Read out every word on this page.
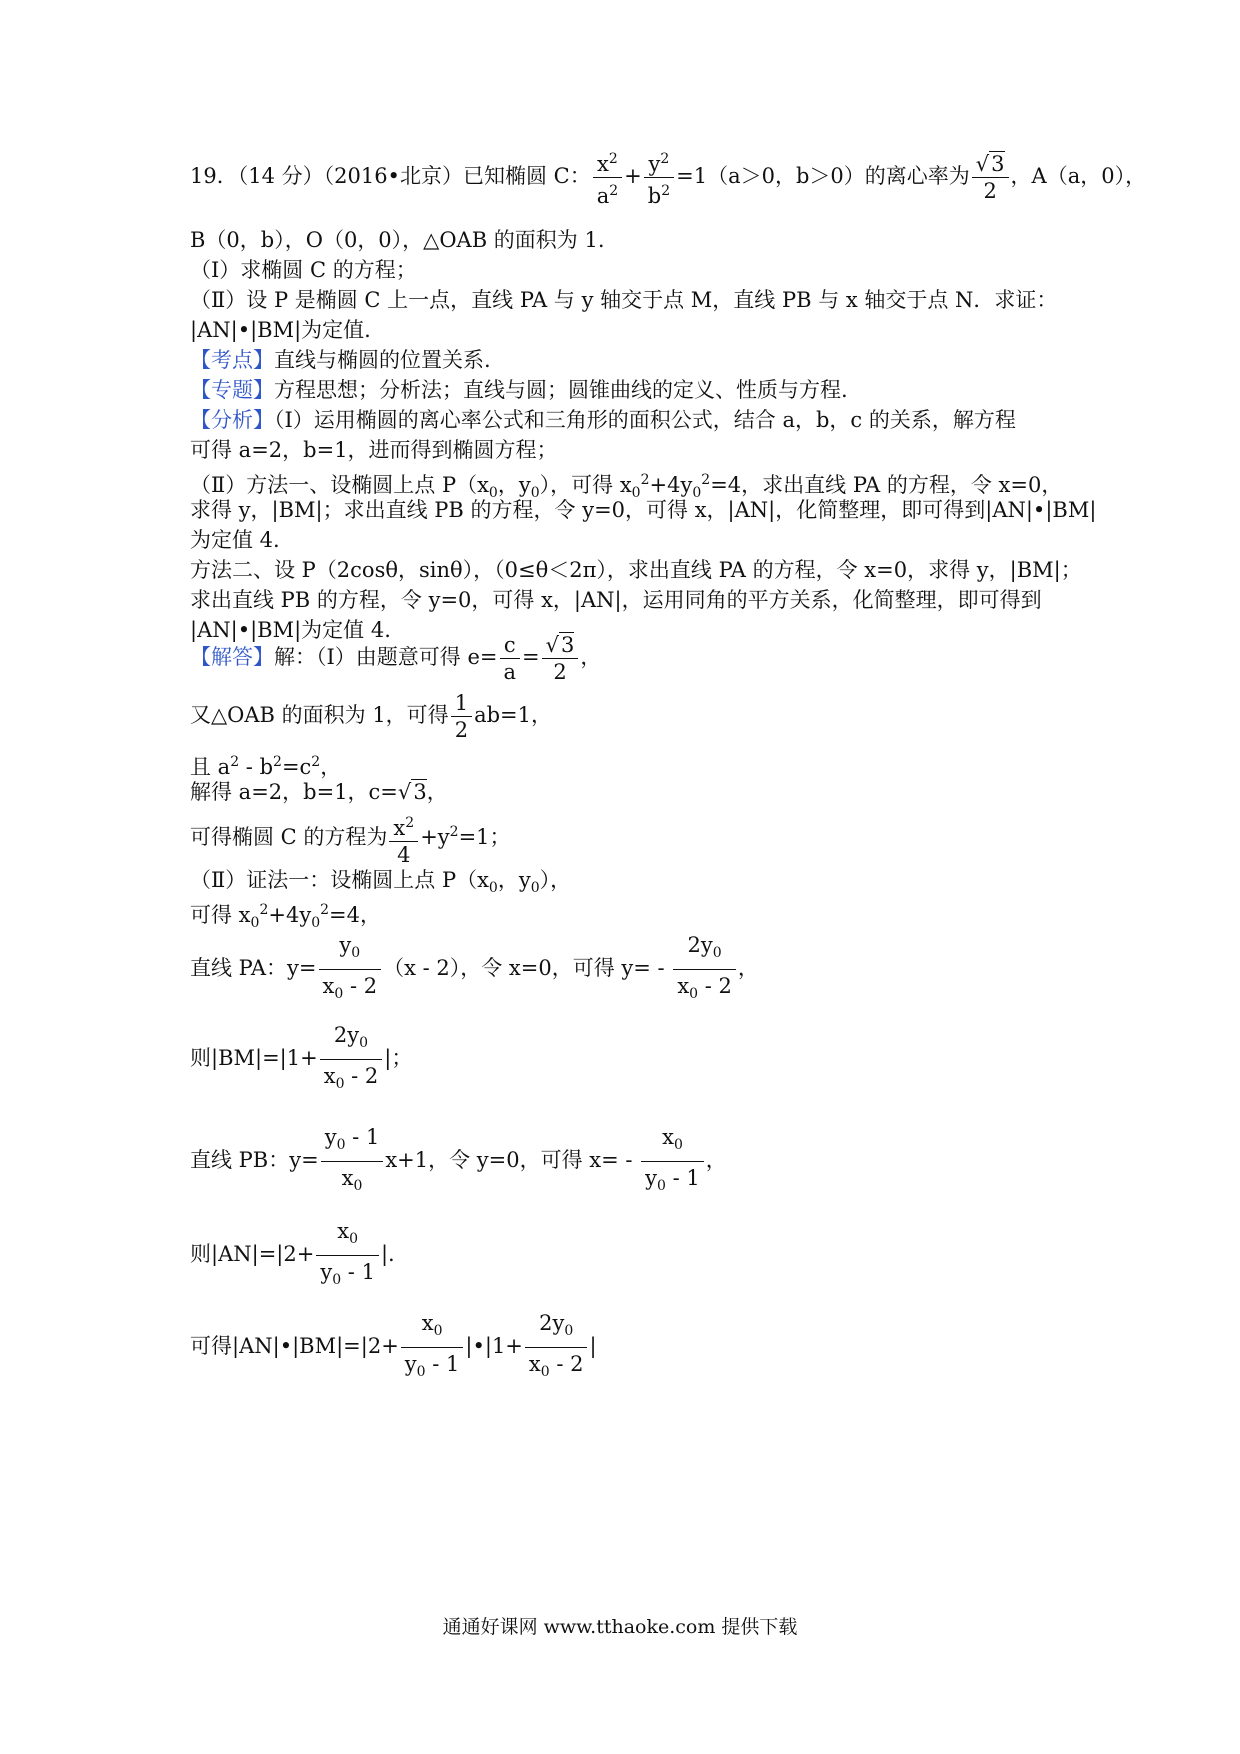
19．（14 分）（2016•北京）已知椭圆 C： $\frac{x^2}{a^2} + \frac{y^2}{b^2} =1(a>0$，b＞0）的离心率为 $\frac{√3}{2}$ ，A（a，0），
B（0，b），O（0，0），△OAB 的面积为 1.
（Ⅰ）求椭圆 C 的方程；
（Ⅱ）设 P 是椭圆 C 上一点，直线 PA 与 y 轴交于点 M，直线 PB 与 x 轴交于点 N．求证：
|AN|•|BM|为定值.
【考点】直线与椭圆的位置关系.
【专题】方程思想；分析法；直线与圆；圆锥曲线的定义、性质与方程.
【分析】（Ⅰ）运用椭圆的离心率公式和三角形的面积公式，结合 a，b，c 的关系，解方程
可得 a=2，b=1，进而得到椭圆方程；
（Ⅱ）方法一、设椭圆上点 $P(x_0$，$y_0$），可得 $x_0^2+4y_0^2=4$，求出直线 PA 的方程，令 x=0，
求得 y，|BM|；求出直线 PB 的方程，令 y=0，可得 x，|AN|，化简整理，即可得到|AN|•|BM|
为定值 4.
方法二、设 P（2cosθ，sinθ），（0≤θ＜2π），求出直线 PA 的方程，令 x=0，求得 y，|BM|；
求出直线 PB 的方程，令 y=0，可得 x，|AN|，运用同角的平方关系，化简整理，即可得到
|AN|•|BM|为定值 4.
【解答】解：（Ⅰ）由题意可得 $e= \frac{c}{a} = \frac{√3}{2}$ ，
又△OAB 的面积为 1，可得 $\frac{1}{2} ab=1$，
且 $a^2 - b^2=c^2$，
解得 a=2，b=1，c=√3，
可得椭圆 C 的方程为 $\frac{x^2}{4} +y^2=1$；
（Ⅱ）证法一：设椭圆上点 $P(x_0$，$y_0$），
可得 $x_0^2+4y_0^2=4$，
直线 PA：$y= \frac{y_0}{x_0 - 2} (x - 2)$，令 x=0，可得 $y= - \frac{2y_0}{x_0 - 2}$ ，
则$|BM|=|1+ \frac{2y_0}{x_0 - 2}$ |；
直线 PB：$y= \frac{y_0 - 1}{x_0} x+1$，令 y=0，可得 $x= - \frac{x_0}{y_0 - 1}$ ，
则$|AN|=|2+ \frac{x_0}{y_0 - 1}$ |.
可得|AN|•|BM|=|2+ $\frac{x_0}{y_0 - 1}$ |•|1+ $\frac{2y_0}{x_0 - 2}$ |
通通好课网 www.tthaoke.com 提供下载
